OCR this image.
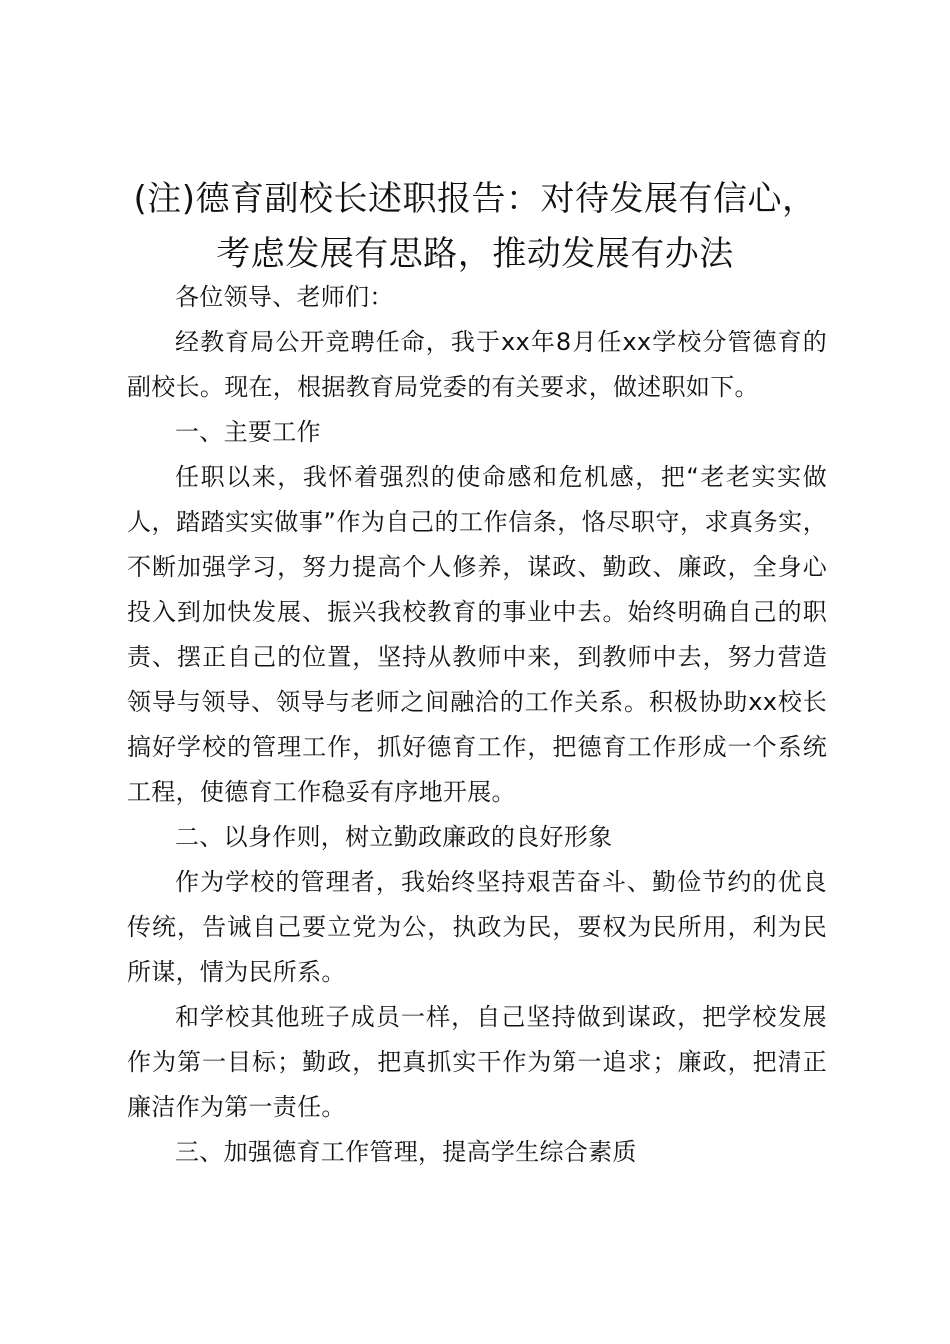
(注)德育副校长述职报告：对待发展有信心，
考虑发展有思路，推动发展有办法

各位领导、老师们：

经教育局公开竞聘任命，我于xx年8月任xx学校分管德育的副校长。现在，根据教育局党委的有关要求，做述职如下。

一、主要工作

任职以来，我怀着强烈的使命感和危机感，把“老老实实做人，踏踏实实做事”作为自己的工作信条，恪尽职守，求真务实，不断加强学习，努力提高个人修养，谋政、勤政、廉政，全身心投入到加快发展、振兴我校教育的事业中去。始终明确自己的职责、摆正自己的位置，坚持从教师中来，到教师中去，努力营造领导与领导、领导与老师之间融洽的工作关系。积极协助xx校长搞好学校的管理工作，抓好德育工作，把德育工作形成一个系统工程，使德育工作稳妥有序地开展。

二、以身作则，树立勤政廉政的良好形象

作为学校的管理者，我始终坚持艰苦奋斗、勤俭节约的优良传统，告诫自己要立党为公，执政为民，要权为民所用，利为民所谋，情为民所系。

和学校其他班子成员一样，自己坚持做到谋政，把学校发展作为第一目标；勤政，把真抓实干作为第一追求；廉政，把清正廉洁作为第一责任。

三、加强德育工作管理，提高学生综合素质
